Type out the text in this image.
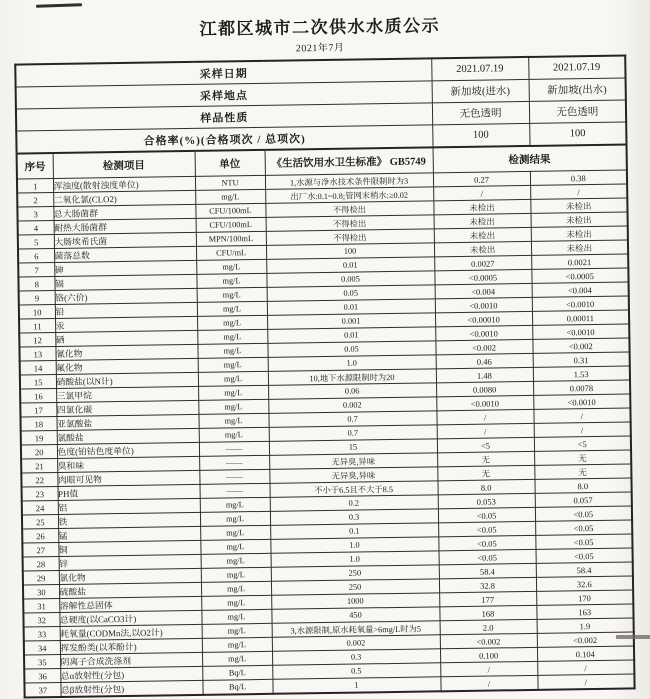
江都区城市二次供水水质公示
2021年7月
采样日期				2021.07.19	2021.07.19
采样地点				新加坡(进水)	新加坡(出水)
样品性质				无色透明	无色透明
合格率(%)(合格项次 / 总项次)				100	100
序号	检测项目	单位	《生活饮用水卫生标准》 GB5749	检测结果	
1	浑浊度(散射浊度单位)	NTU	1,水源与净水技术条件限制时为3	0.27	0.38
2	二氧化氯(CLO2)	mg/L	出厂水:0.1~0.8;管网末梢水:≥0.02	/	/
3	总大肠菌群	CFU/100mL	不得检出	未检出	未检出
4	耐热大肠菌群	CFU/100mL	不得检出	未检出	未检出
5	大肠埃希氏菌	MPN/100mL	不得检出	未检出	未检出
6	菌落总数	CFU/mL	100	未检出	未检出
7	砷	mg/L	0.01	0.0027	0.0021
8	镉	mg/L	0.005	<0.0005	<0.0005
9	铬(六价)	mg/L	0.05	<0.004	<0.004
10	铅	mg/L	0.01	<0.0010	<0.0010
11	汞	mg/L	0.001	<0.00010	0.00011
12	硒	mg/L	0.01	<0.0010	<0.0010
13	氰化物	mg/L	0.05	<0.002	<0.002
14	氟化物	mg/L	1.0	0.46	0.31
15	硝酸盐(以N计)	mg/L	10,地下水源限制时为20	1.48	1.53
16	三氯甲烷	mg/L	0.06	0.0080	0.0078
17	四氯化碳	mg/L	0.002	<0.0010	<0.0010
18	亚氯酸盐	mg/L	0.7	/	/
19	氯酸盐	mg/L	0.7	/	/
20	色度(铂钴色度单位)	——	15	<5	<5
21	臭和味	——	无异臭,异味	无	无
22	肉眼可见物	——	无异臭,异味	无	无
23	PH值	——	不小于6.5且不大于8.5	8.0	8.0
24	铝	mg/L	0.2	0.053	0.057
25	铁	mg/L	0.3	<0.05	<0.05
26	锰	mg/L	0.1	<0.05	<0.05
27	铜	mg/L	1.0	<0.05	<0.05
28	锌	mg/L	1.0	<0.05	<0.05
29	氯化物	mg/L	250	58.4	58.4
30	硫酸盐	mg/L	250	32.8	32.6
31	溶解性总固体	mg/L	1000	177	170
32	总硬度(以CaCO3计)	mg/L	450	168	163
33	耗氧量(CODMn法,以O2计)	mg/L	3,水源限制,原水耗氧量>6mg/L时为5	2.0	1.9
34	挥发酚类(以苯酚计)	mg/L	0.002	<0.002	<0.002
35	阴离子合成洗涤剂	mg/L	0.3	0.100	0.104
36	总α放射性(分包)	Bq/L	0.5	/	/
37	总β放射性(分包)	Bq/L	1	/	/
